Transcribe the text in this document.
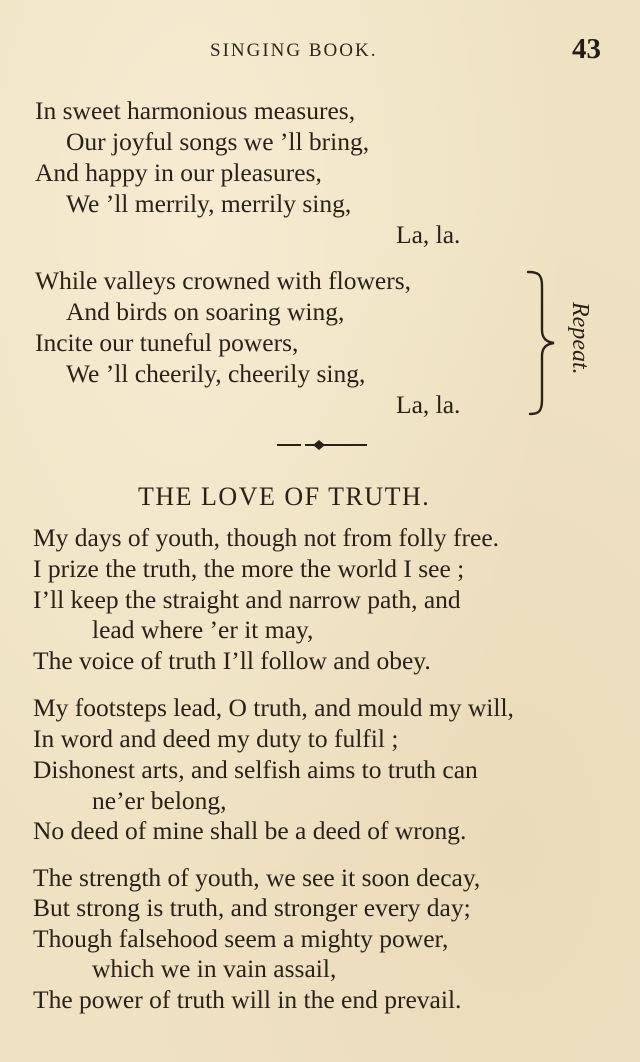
SINGING BOOK.	43
In sweet harmonious measures,
Our joyful songs we ’ll bring,
And happy in our pleasures,
We ’ll merrily, merrily sing,
La, la.
While valleys crowned with flowers,
And birds on soaring wing,
Incite our tuneful powers,
We ’ll cheerily, cheerily sing,
La, la.
Repeat.
THE LOVE OF TRUTH.
My days of youth, though not from folly free.
I prize the truth, the more the world I see ;
I’ll keep the straight and narrow path, and
lead where ’er it may,
The voice of truth I’ll follow and obey.
My footsteps lead, O truth, and mould my will,
In word and deed my duty to fulfil ;
Dishonest arts, and selfish aims to truth can
ne’er belong,
No deed of mine shall be a deed of wrong.
The strength of youth, we see it soon decay,
But strong is truth, and stronger every day;
Though falsehood seem a mighty power,
which we in vain assail,
The power of truth will in the end prevail.
